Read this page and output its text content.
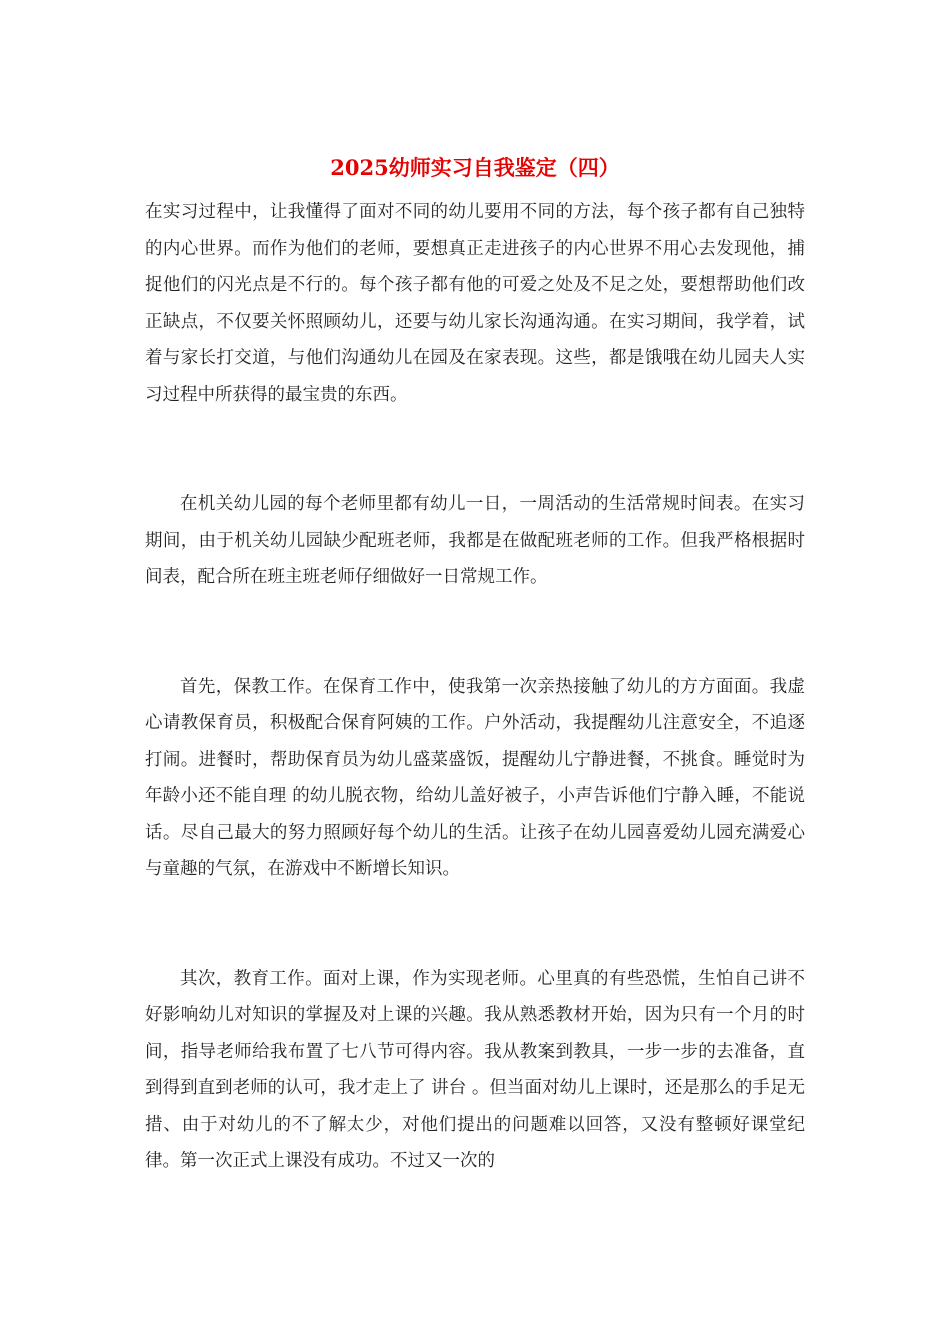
2025幼师实习自我鉴定（四）

在实习过程中，让我懂得了面对不同的幼儿要用不同的方法，每个孩子都有自己独特的内心世界。而作为他们的老师，要想真正走进孩子的内心世界不用心去发现他，捕捉他们的闪光点是不行的。每个孩子都有他的可爱之处及不足之处，要想帮助他们改正缺点，不仅要关怀照顾幼儿，还要与幼儿家长沟通沟通。在实习期间，我学着，试着与家长打交道，与他们沟通幼儿在园及在家表现。这些，都是饿哦在幼儿园夫人实习过程中所获得的最宝贵的东西。

在机关幼儿园的每个老师里都有幼儿一日，一周活动的生活常规时间表。在实习期间，由于机关幼儿园缺少配班老师，我都是在做配班老师的工作。但我严格根据时间表，配合所在班主班老师仔细做好一日常规工作。

首先，保教工作。在保育工作中，使我第一次亲热接触了幼儿的方方面面。我虚心请教保育员，积极配合保育阿姨的工作。户外活动，我提醒幼儿注意安全，不追逐打闹。进餐时，帮助保育员为幼儿盛菜盛饭，提醒幼儿宁静进餐，不挑食。睡觉时为年龄小还不能自理 的幼儿脱衣物，给幼儿盖好被子，小声告诉他们宁静入睡，不能说话。尽自己最大的努力照顾好每个幼儿的生活。让孩子在幼儿园喜爱幼儿园充满爱心与童趣的气氛，在游戏中不断增长知识。

其次，教育工作。面对上课，作为实现老师。心里真的有些恐慌，生怕自己讲不好影响幼儿对知识的掌握及对上课的兴趣。我从熟悉教材开始，因为只有一个月的时间，指导老师给我布置了七八节可得内容。我从教案到教具，一步一步的去准备，直到得到直到老师的认可，我才走上了 讲台 。但当面对幼儿上课时，还是那么的手足无措、由于对幼儿的不了解太少，对他们提出的问题难以回答，又没有整顿好课堂纪律。第一次正式上课没有成功。不过又一次的
